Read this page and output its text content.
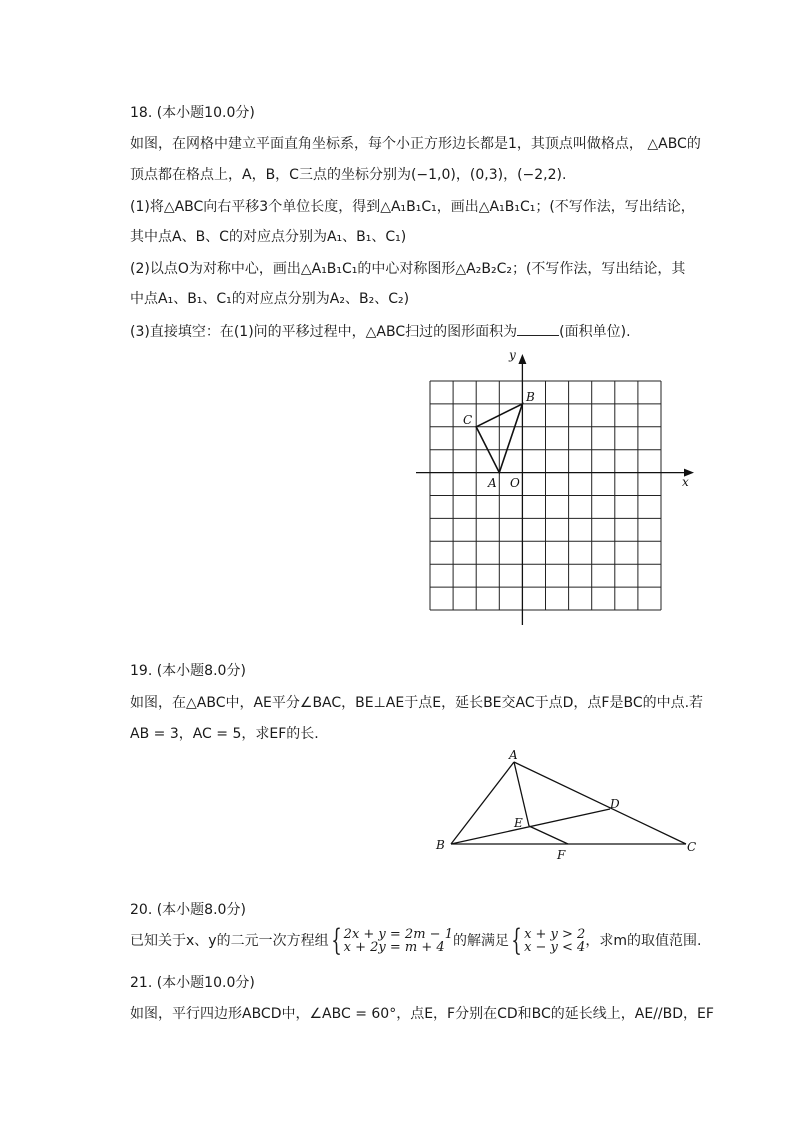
18. (本小题10.0分)
如图，在网格中建立平面直角坐标系，每个小正方形边长都是1，其顶点叫做格点， △ABC的
顶点都在格点上，A，B，C三点的坐标分别为(−1,0)，(0,3)，(−2,2).
(1)将△ABC向右平移3个单位长度，得到△A₁B₁C₁，画出△A₁B₁C₁；(不写作法，写出结论，
其中点A、B、C的对应点分别为A₁、B₁、C₁)
(2)以点O为对称中心，画出△A₁B₁C₁的中心对称图形△A₂B₂C₂；(不写作法，写出结论，其
中点A₁、B₁、C₁的对应点分别为A₂、B₂、C₂)
(3)直接填空：在(1)问的平移过程中，△ABC扫过的图形面积为	(面积单位).
y
x
B
C
A O
19. (本小题8.0分)
如图，在△ABC中，AE平分∠BAC，BE⊥AE于点E，延长BE交AC于点D，点F是BC的中点.若
AB = 3，AC = 5，求EF的长.
A
B	C
D
E
F
20. (本小题8.0分)
已知关于x、y的二元一次方程组{ 2x + y = 2m − 1
x + 2y = m + 4 的解满足{ x + y > 2
x − y < 4 ，求m的取值范围.
21. (本小题10.0分)
如图，平行四边形ABCD中，∠ABC = 60°，点E，F分别在CD和BC的延长线上，AE//BD，EF
